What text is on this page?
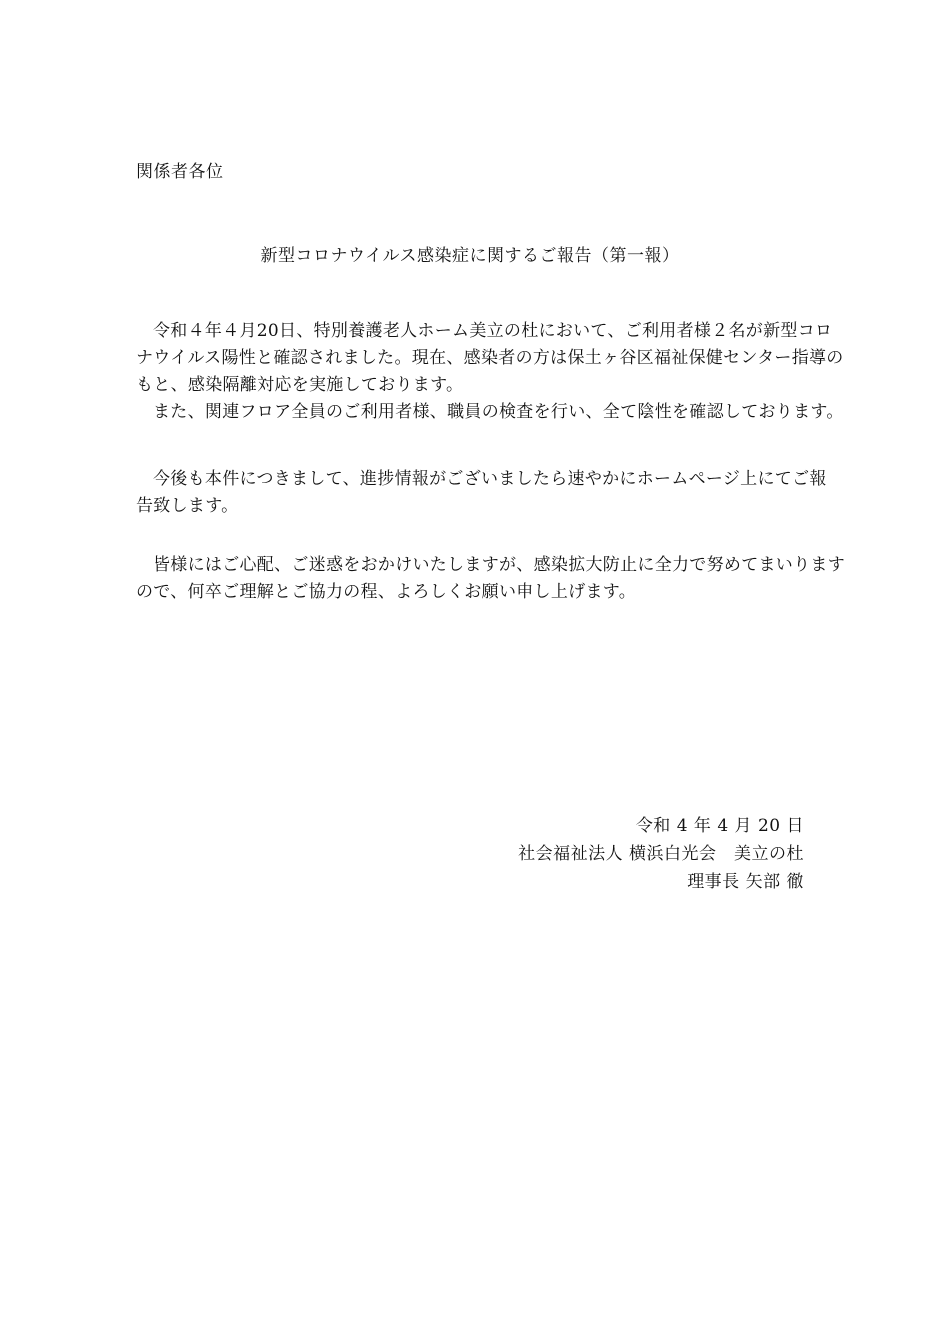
関係者各位
新型コロナウイルス感染症に関するご報告（第一報）
令和４年４月20日、特別養護老人ホーム美立の杜において、ご利用者様２名が新型コロ
ナウイルス陽性と確認されました。現在、感染者の方は保土ヶ谷区福祉保健センター指導の
もと、感染隔離対応を実施しております。
また、関連フロア全員のご利用者様、職員の検査を行い、全て陰性を確認しております。
今後も本件につきまして、進捗情報がございましたら速やかにホームページ上にてご報
告致します。
皆様にはご心配、ご迷惑をおかけいたしますが、感染拡大防止に全力で努めてまいります
ので、何卒ご理解とご協力の程、よろしくお願い申し上げます。
令和 4 年 4 月 20 日
社会福祉法人 横浜白光会　美立の杜
理事長 矢部 徹
